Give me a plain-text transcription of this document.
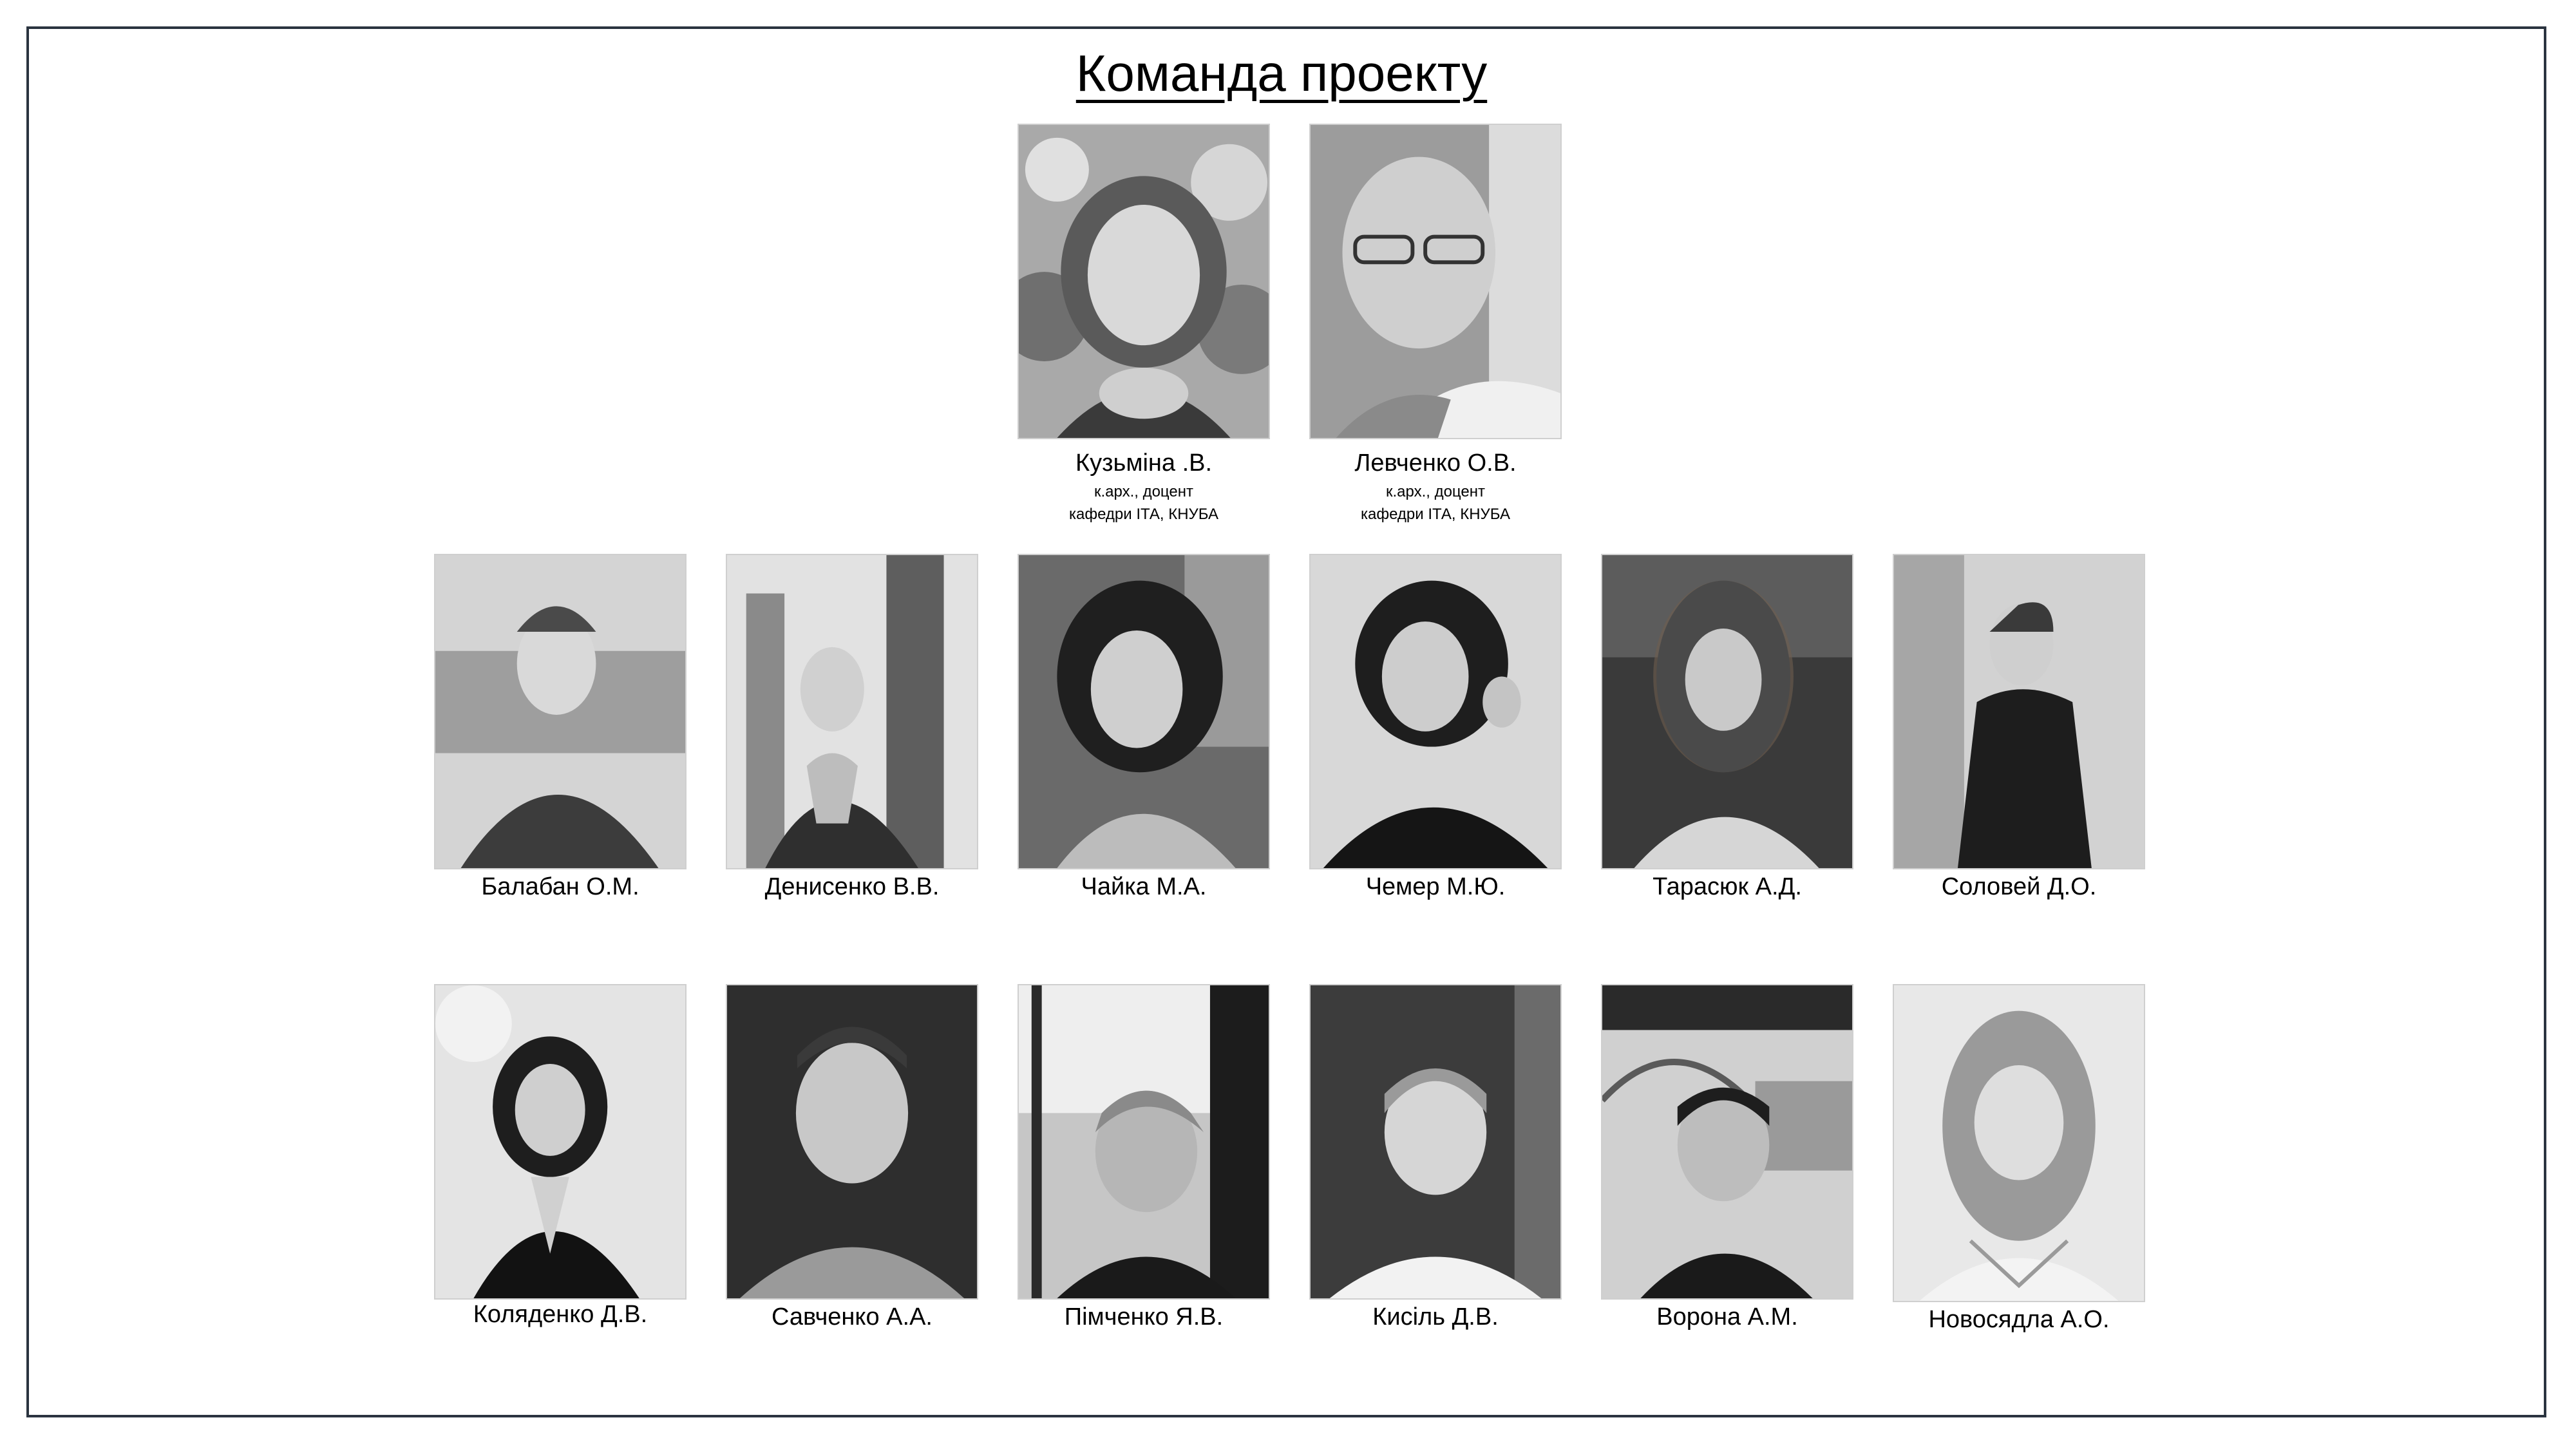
Команда проекту
Кузьміна .В.
к.арх., доцент
кафедри ІТА, КНУБА
Левченко О.В.
к.арх., доцент
кафедри ІТА, КНУБА
Балабан О.М.	Денисенко В.В.	Чайка М.А.	Чемер М.Ю.	Тарасюк А.Д.	Соловей Д.О.
Коляденко Д.В.	Савченко А.А.	Пімченко Я.В.	Кисіль Д.В.	Ворона А.М.	Новосядла А.О.
